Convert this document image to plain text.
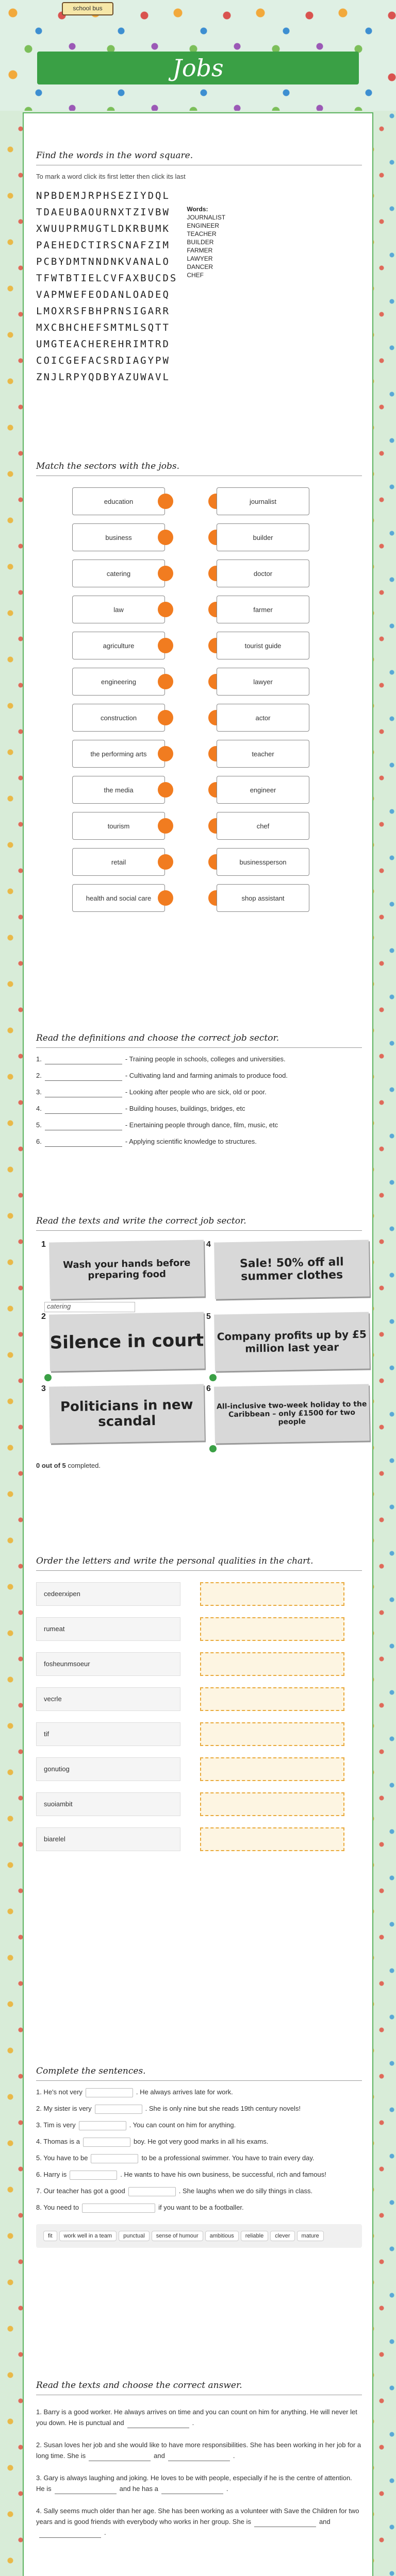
school bus
Jobs

Find the words in the word square.

To mark a word click its first letter then click its last
NPBDEMJRPHSEZIYDQL
TDAEUBAOURNXTZIVBW
XWUUPRMUGTLDKRBUMK
PAEHEDCTIRSCNAFZIM
PCBYDMTNNDNKVANALO
TFWTBTIELCVFAXBUCDS
VAPMWEFEODANLOADEQ
LMOXRSFBHPRNSIGARR
MXCBHCHEFSMTMLSQTT
UMGTEACHEREHRIMTRD
COICGEFACSRDIAGYPW
ZNJLRPYQDBYAZUWAVL
Words:
JOURNALIST
ENGINEER
TEACHER
BUILDER
FARMER
LAWYER
DANCER
CHEF

Match the sectors with the jobs.

education	journalist
business	builder
catering	doctor
law	farmer
agriculture	tourist guide
engineering	lawyer
construction	actor
the performing arts	teacher
the media	engineer
tourism	chef
retail	businessperson
health and social care	shop assistant

Read the definitions and choose the correct job sector.

1.	- Training people in schools, colleges and universities.
2.	- Cultivating land and farming animals to produce food.
3.	- Looking after people who are sick, old or poor.
4.	- Building houses, buildings, bridges, etc
5.	- Enertaining people through dance, film, music, etc
6.	- Applying scientific knowledge to structures.

Read the texts and write the correct job sector.

1
Wash your hands before preparing food
4
Sale! 50% off all summer clothes
2
Silence in court
5
Company profits up by £5 million last year
3
Politicians in new scandal
6
All-inclusive two-week holiday to the Caribbean – only £1500 for two people
catering
0 out of 5 completed.

Order the letters and write the personal qualities in the chart.

cedeerxipen
rumeat
fosheunmsoeur
vecrle
tif
gonutiog
suoiambit
biarelel

Complete the sentences.

1. He's not very	. He always arrives late for work.
2. My sister is very	. She is only nine but she reads 19th century novels!
3. Tim is very	. You can count on him for anything.
4. Thomas is a	boy. He got very good marks in all his exams.
5. You have to be	to be a professional swimmer. You have to train every day.
6. Harry is	. He wants to have his own business, be successful, rich and famous!
7. Our teacher has got a good	. She laughs when we do silly things in class.
8. You need to	if you want to be a footballer.
fit work well in a team punctual sense of humour ambitious reliable clever mature

Read the texts and choose the correct answer.

1. Barry is a good worker. He always arrives on time and you can count on him for anything. He will never let you down. He is punctual and	.
2. Susan loves her job and she would like to have more responsibilities. She has been working in her job for a long time. She is	and	.
3. Gary is always laughing and joking. He loves to be with people, especially if he is the centre of attention. He is	and he has a	.
4. Sally seems much older than her age. She has been working as a volunteer with Save the Children for two years and is good friends with everybody who works in her group. She is	and.
